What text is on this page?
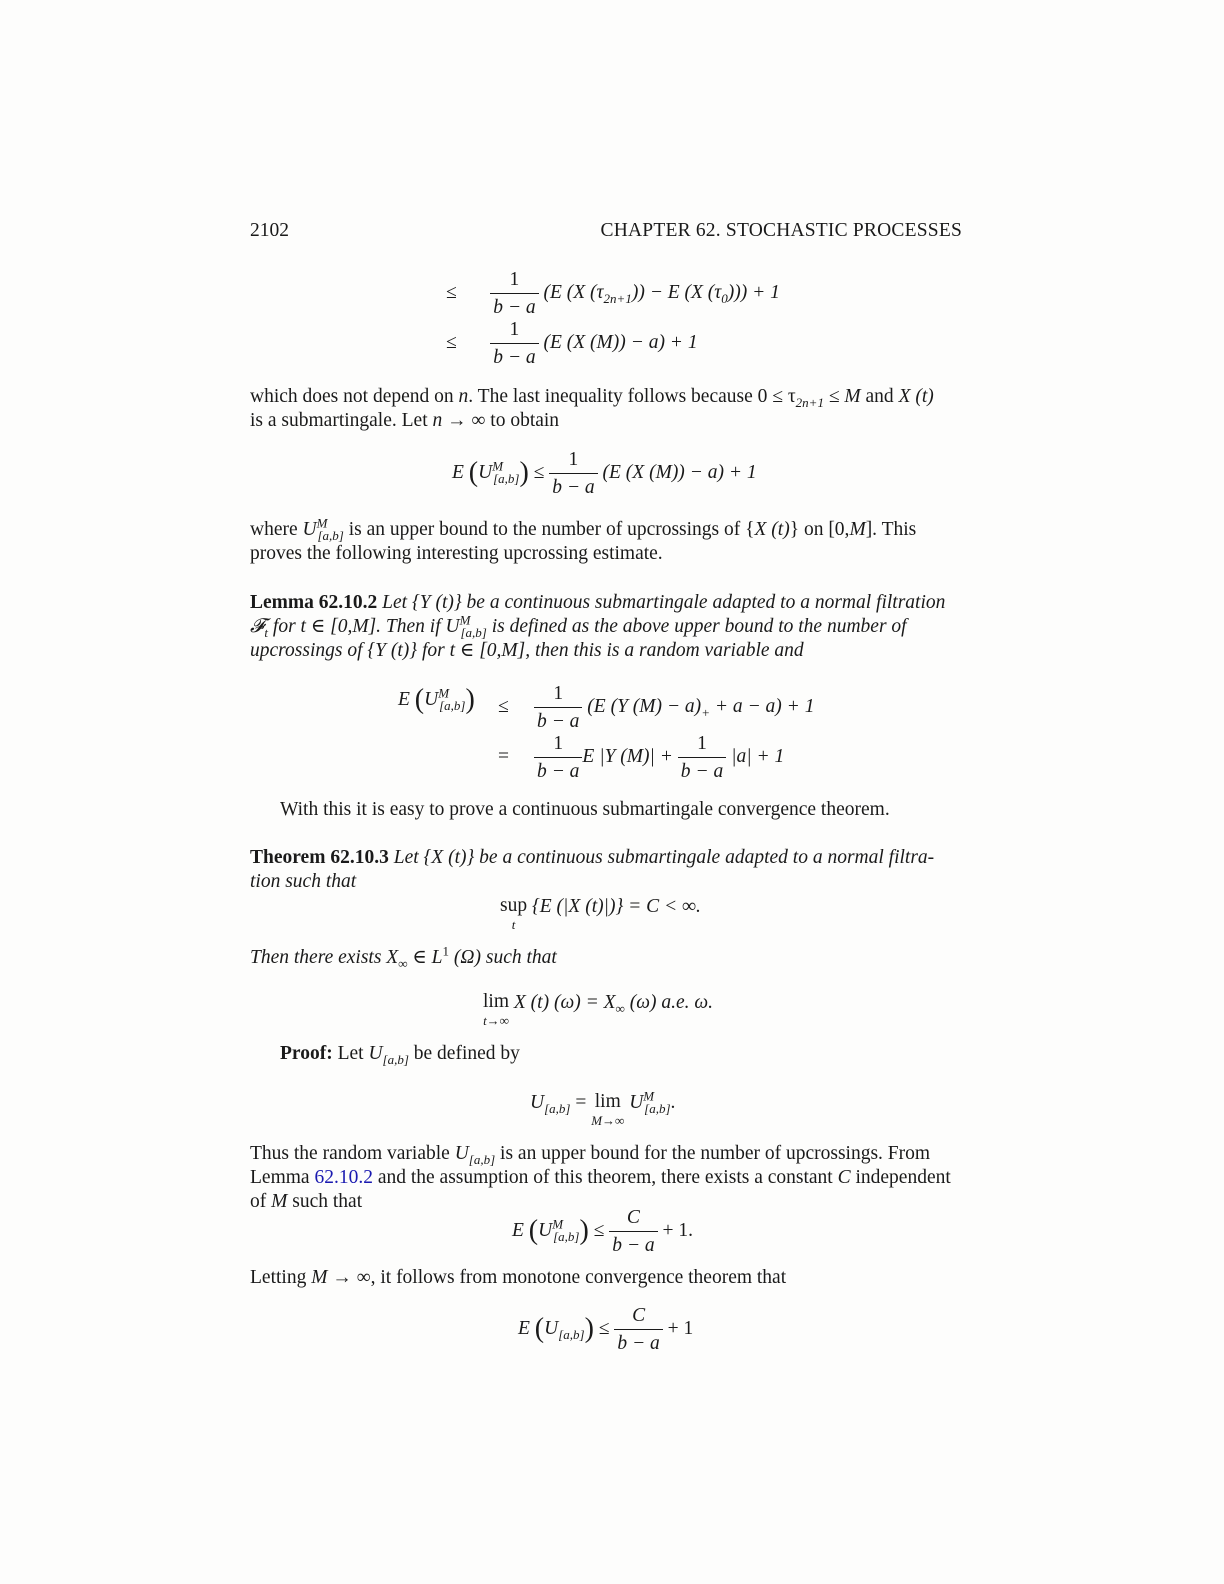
2102	CHAPTER 62. STOCHASTIC PROCESSES
≤ $\frac{1}{b - a} (E$ (X $(\tau_{2n+1})) - E$ (X $(\tau_0))) + 1$
≤ $\frac{1}{b - a} (E$ (X (M)) − a) + 1
which does not depend on n. The last inequality follows because $0 \le \tau_{2n+1} \le M$ and X (t)
is a submartingale. Let n → ∞ to obtain
E $(U^M_{[a,b]}) \le \frac{1}{b - a} (E$ (X (M)) − a) + 1
where $U^M_{[a,b]}$ is an upper bound to the number of upcrossings of {X (t)} on [0,M]. This
proves the following interesting upcrossing estimate.
Lemma 62.10.2 Let {Y (t)} be a continuous submartingale adapted to a normal filtration
𝓕$_t$ for t ∈ [0,M]. Then if $U^M_{[a,b]}$ is defined as the above upper bound to the number of
upcrossings of {Y (t)} for t ∈ [0,M], then this is a random variable and
E $(U^M_{[a,b]}) \le \frac{1}{b - a} (E$ (Y $(M) - a)_+ + a - a) + 1$
= $\frac{1}{b - a}$ E |Y $(M)| + \frac{1}{b - a} |a| + 1$
With this it is easy to prove a continuous submartingale convergence theorem.
Theorem 62.10.3 Let {X (t)} be a continuous submartingale adapted to a normal filtra-
tion such that
sup
t
{E (|X (t)|)} = C < ∞.
Then there exists $X_\infty$ ∈ $L^1$ (Ω) such that
lim
t→∞
X (t) $(\omega) = X_\infty$ (ω) a.e. ω.
Proof: Let $U_{[a,b]}$ be defined by
$U_{[a,b]} = \lim$
M→∞
$U^M_{[a,b]}$.
Thus the random variable $U_{[a,b]}$ is an upper bound for the number of upcrossings. From
Lemma 62.10.2 and the assumption of this theorem, there exists a constant C independent
of M such that
E $(U^M_{[a,b]}) \le \frac{C}{b - a} + 1$.
Letting M → ∞, it follows from monotone convergence theorem that
E $(U_{[a,b]}) \le \frac{C}{b - a} + 1$
